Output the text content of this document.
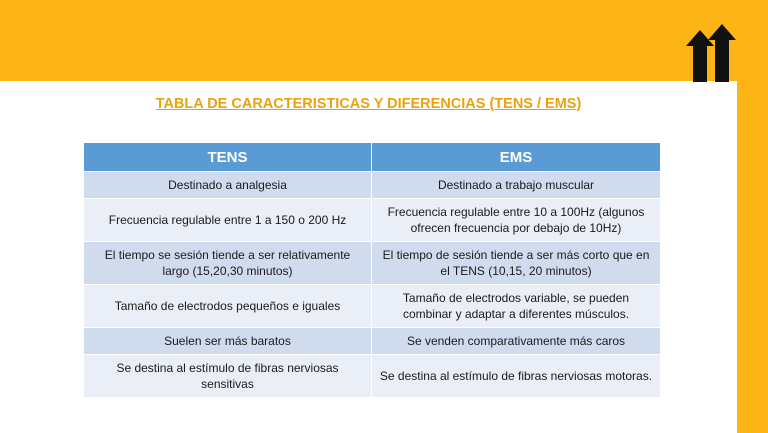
TABLA DE CARACTERISTICAS Y DIFERENCIAS (TENS / EMS)
TENS	EMS
Destinado a analgesia	Destinado a trabajo muscular
Frecuencia regulable entre 1 a 150 o 200 Hz	Frecuencia regulable entre 10 a 100Hz (algunos ofrecen frecuencia por debajo de 10Hz)
El tiempo se sesión tiende a ser relativamente largo (15,20,30 minutos)	El tiempo de sesión tiende a ser más corto que en el TENS (10,15, 20 minutos)
Tamaño de electrodos pequeños e iguales	Tamaño de electrodos variable, se pueden combinar y adaptar a diferentes músculos.
Suelen ser más baratos	Se venden comparativamente más caros
Se destina al estímulo de fibras nerviosas sensitivas	Se destina al estímulo de fibras nerviosas motoras.
